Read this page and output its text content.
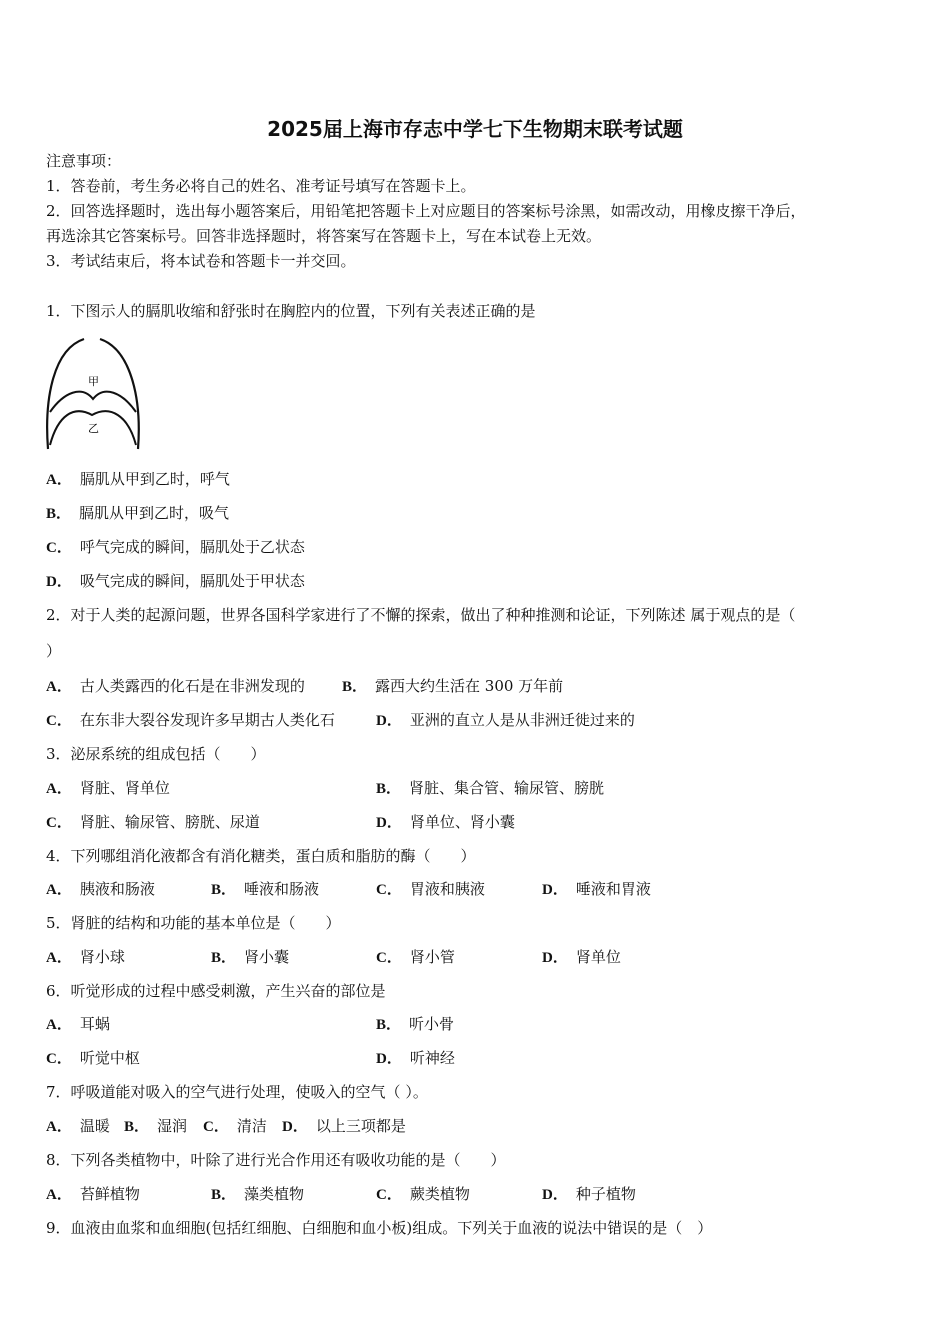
2025届上海市存志中学七下生物期末联考试题
注意事项：
1．答卷前，考生务必将自己的姓名、准考证号填写在答题卡上。
2．回答选择题时，选出每小题答案后，用铅笔把答题卡上对应题目的答案标号涂黑，如需改动，用橡皮擦干净后，
再选涂其它答案标号。回答非选择题时，将答案写在答题卡上，写在本试卷上无效。
3．考试结束后，将本试卷和答题卡一并交回。
1．下图示人的膈肌收缩和舒张时在胸腔内的位置，下列有关表述正确的是
甲
乙
A． 膈肌从甲到乙时，呼气
B． 膈肌从甲到乙时，吸气
C． 呼气完成的瞬间，膈肌处于乙状态
D． 吸气完成的瞬间，膈肌处于甲状态
2．对于人类的起源问题，世界各国科学家进行了不懈的探索，做出了种种推测和论证，下列陈述 属于观点的是（
）
A． 古人类露西的化石是在非洲发现的 B． 露西大约生活在 300 万年前
C． 在东非大裂谷发现许多早期古人类化石	D． 亚洲的直立人是从非洲迁徙过来的
3．泌尿系统的组成包括（　　）
A． 肾脏、肾单位	B． 肾脏、集合管、输尿管、膀胱
C． 肾脏、输尿管、膀胱、尿道	D． 肾单位、肾小囊
4．下列哪组消化液都含有消化糖类，蛋白质和脂肪的酶（　　）
A． 胰液和肠液	B． 唾液和肠液	C． 胃液和胰液	D． 唾液和胃液
5．肾脏的结构和功能的基本单位是（　　）
A． 肾小球	B． 肾小囊	C． 肾小管	D． 肾单位
6．听觉形成的过程中感受刺激，产生兴奋的部位是
A． 耳蜗	B． 听小骨
C． 听觉中枢	D． 听神经
7．呼吸道能对吸入的空气进行处理，使吸入的空气（ ）。
A． 温暖 B． 湿润 C． 清洁 D． 以上三项都是
8．下列各类植物中，叶除了进行光合作用还有吸收功能的是（　　）
A． 苔鲜植物	B． 藻类植物	C． 蕨类植物	D． 种子植物
9．血液由血浆和血细胞(包括红细胞、白细胞和血小板)组成。下列关于血液的说法中错误的是（　）
